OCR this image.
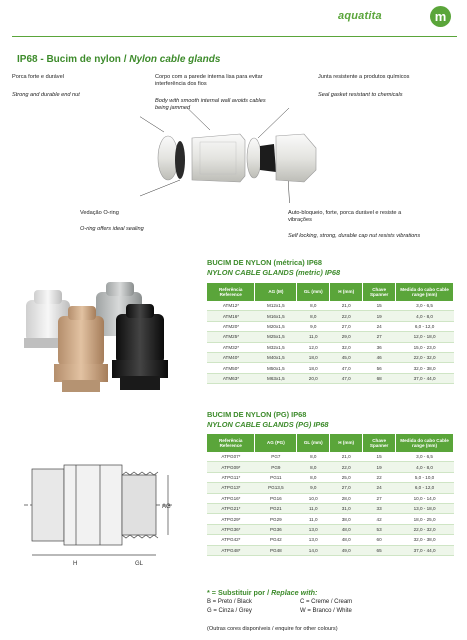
aquatita	m
IP68 - Bucim de nylon / Nylon cable glands
Porca forte e durável
Strong and durable end nut
Corpo com a parede interna lisa para evitar
interferência dos fios
Body with smooth internal wall avoids cables
being jammed
Junta resistente a produtos químicos
Seal gasket resistant to chemicals
Vedação O-ring
O-ring offers ideal sealing
Auto-bloqueio, forte, porca durável e resiste a
vibrações
Self locking, strong, durable cap nut resists vibrations
BUCIM DE NYLON (métrica) IP68
NYLON CABLE GLANDS (metric) IP68
Referência Reference	AG (M)	GL (mm)	H (mm)	Chave Spanner	Medida do cabo Cable range (mm)
ATM12*	M12x1,5	8,0	21,0	15	3,0 - 6,5
ATM16*	M16x1,5	8,0	22,0	19	4,0 - 8,0
ATM20*	M20x1,5	9,0	27,0	24	6,0 - 12,0
ATM25*	M25x1,5	11,0	29,0	27	12,0 - 18,0
ATM32*	M32x1,5	12,0	32,0	36	15,0 - 23,0
ATM40*	M40x1,5	18,0	45,0	46	22,0 - 32,0
ATM50*	M50x1,5	18,0	47,0	56	32,0 - 38,0
ATM63*	M63x1,5	20,0	47,0	68	37,0 - 44,0
H	GL
AG
BUCIM DE NYLON (PG) IP68
NYLON CABLE GLANDS (PG) IP68
Referência Reference	AG (PG)	GL (mm)	H (mm)	Chave Spanner	Medida do cabo Cable range (mm)
ATPG07*	PG7	8,0	21,0	15	3,0 - 6,5
ATPG09*	PG9	8,0	22,0	19	4,0 - 8,0
ATPG11*	PG11	8,0	25,0	22	5,0 - 10,0
ATPG13*	PG13,5	9,0	27,0	24	6,0 - 12,0
ATPG16*	PG16	10,0	28,0	27	10,0 - 14,0
ATPG21*	PG21	11,0	31,0	33	13,0 - 18,0
ATPG29*	PG29	11,0	38,0	42	18,0 - 25,0
ATPG36*	PG36	13,0	48,0	53	22,0 - 32,0
ATPG42*	PG42	13,0	48,0	60	32,0 - 38,0
ATPG48*	PG48	14,0	49,0	65	37,0 - 44,0
* = Substituir por / Replace with:
B = Preto / Black	C = Creme / Cream
G = Cinza / Grey	W = Branco / White
(Outras cores disponíveis / enquire for other colours)
